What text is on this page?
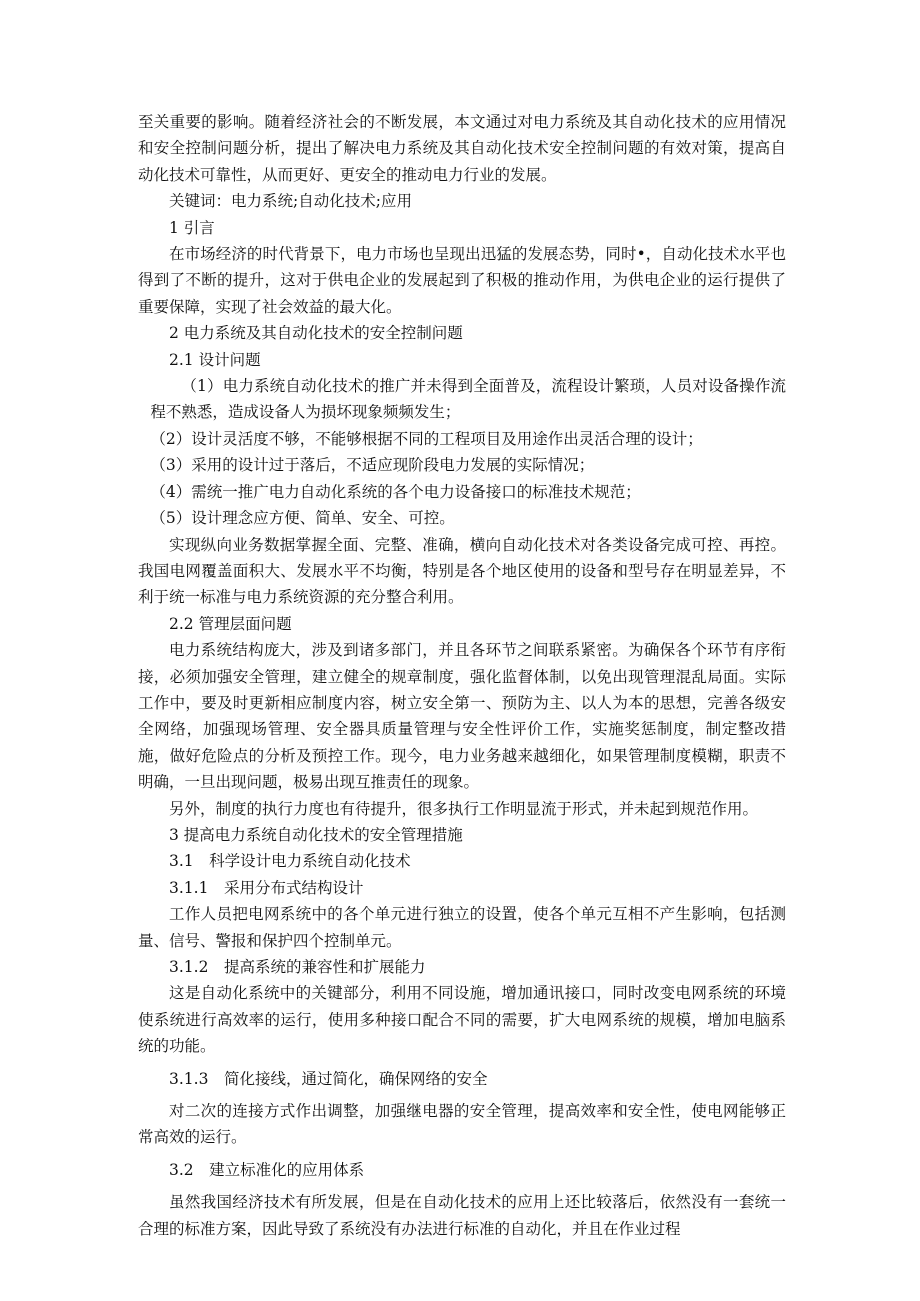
至关重要的影响。随着经济社会的不断发展，本文通过对电力系统及其自动化技术的应用情况和安全控制问题分析，提出了解决电力系统及其自动化技术安全控制问题的有效对策，提高自动化技术可靠性，从而更好、更安全的推动电力行业的发展。

关键词：电力系统;自动化技术;应用

1 引言

在市场经济的时代背景下，电力市场也呈现出迅猛的发展态势，同时•，自动化技术水平也得到了不断的提升，这对于供电企业的发展起到了积极的推动作用，为供电企业的运行提供了重要保障，实现了社会效益的最大化。

2 电力系统及其自动化技术的安全控制问题

2.1 设计问题

（1）电力系统自动化技术的推广并未得到全面普及，流程设计繁琐，人员对设备操作流程不熟悉，造成设备人为损坏现象频频发生；

（2）设计灵活度不够，不能够根据不同的工程项目及用途作出灵活合理的设计；

（3）采用的设计过于落后，不适应现阶段电力发展的实际情况；

（4）需统一推广电力自动化系统的各个电力设备接口的标准技术规范；

（5）设计理念应方便、简单、安全、可控。

实现纵向业务数据掌握全面、完整、准确，横向自动化技术对各类设备完成可控、再控。我国电网覆盖面积大、发展水平不均衡，特别是各个地区使用的设备和型号存在明显差异，不利于统一标准与电力系统资源的充分整合利用。

2.2 管理层面问题

电力系统结构庞大，涉及到诸多部门，并且各环节之间联系紧密。为确保各个环节有序衔接，必须加强安全管理，建立健全的规章制度，强化监督体制，以免出现管理混乱局面。实际工作中，要及时更新相应制度内容，树立安全第一、预防为主、以人为本的思想，完善各级安全网络，加强现场管理、安全器具质量管理与安全性评价工作，实施奖惩制度，制定整改措施，做好危险点的分析及预控工作。现今，电力业务越来越细化，如果管理制度模糊，职责不明确，一旦出现问题，极易出现互推责任的现象。

另外，制度的执行力度也有待提升，很多执行工作明显流于形式，并未起到规范作用。

3 提高电力系统自动化技术的安全管理措施

3.1　科学设计电力系统自动化技术

3.1.1　采用分布式结构设计

工作人员把电网系统中的各个单元进行独立的设置，使各个单元互相不产生影响，包括测量、信号、警报和保护四个控制单元。

3.1.2　提高系统的兼容性和扩展能力

这是自动化系统中的关键部分，利用不同设施，增加通讯接口，同时改变电网系统的环境使系统进行高效率的运行，使用多种接口配合不同的需要，扩大电网系统的规模，增加电脑系统的功能。

3.1.3　简化接线，通过简化，确保网络的安全

对二次的连接方式作出调整，加强继电器的安全管理，提高效率和安全性，使电网能够正常高效的运行。

3.2　建立标准化的应用体系

虽然我国经济技术有所发展，但是在自动化技术的应用上还比较落后，依然没有一套统一合理的标准方案，因此导致了系统没有办法进行标准的自动化，并且在作业过程
